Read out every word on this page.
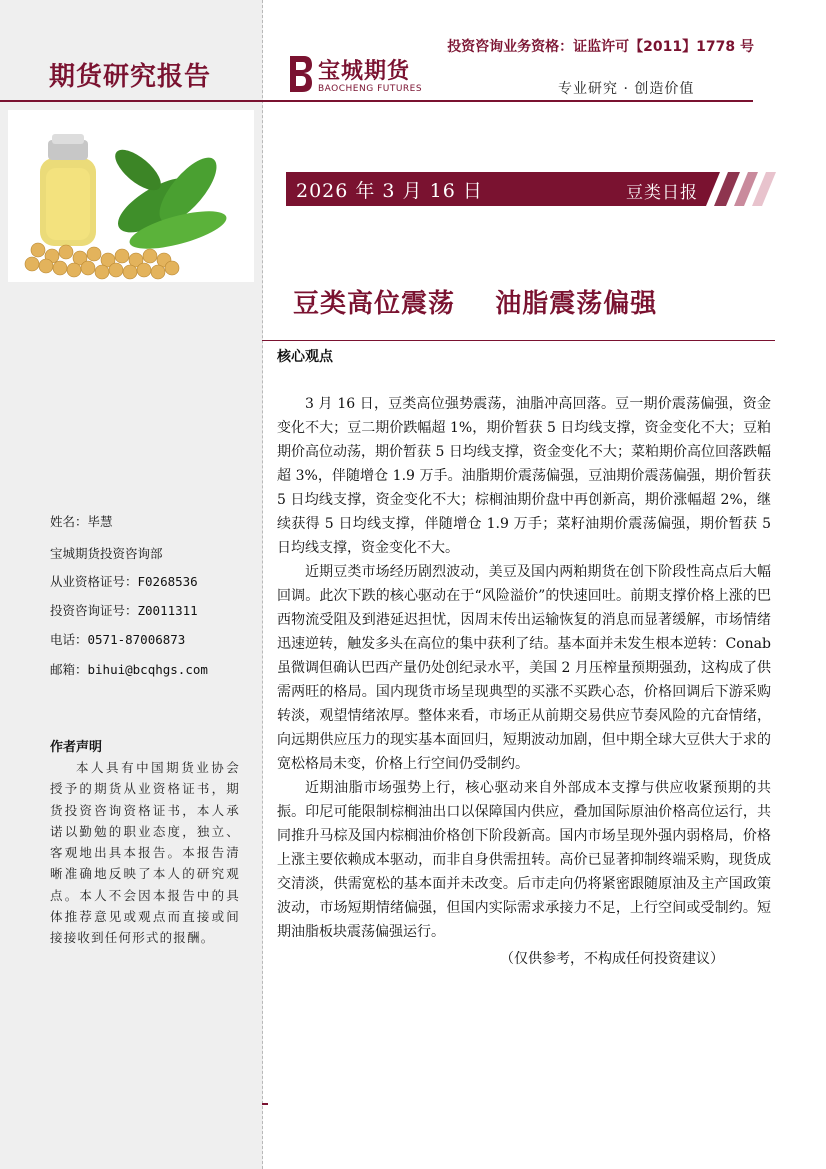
期货研究报告
投资咨询业务资格：证监许可【2011】1778 号
宝城期货
BAOCHENG FUTURES	专业研究 · 创造价值
2026 年 3 月 16 日	豆类日报
豆类高位震荡    油脂震荡偏强
核心观点

3 月 16 日，豆类高位强势震荡，油脂冲高回落。豆一期价震荡偏强，资金变化不大；豆二期价跌幅超 1%，期价暂获 5 日均线支撑，资金变化不大；豆粕期价高位动荡，期价暂获 5 日均线支撑，资金变化不大；菜粕期价高位回落跌幅超 3%，伴随增仓 1.9 万手。油脂期价震荡偏强，豆油期价震荡偏强，期价暂获 5 日均线支撑，资金变化不大；棕榈油期价盘中再创新高，期价涨幅超 2%，继续获得 5 日均线支撑，伴随增仓 1.9 万手；菜籽油期价震荡偏强，期价暂获 5 日均线支撑，资金变化不大。

近期豆类市场经历剧烈波动，美豆及国内两粕期货在创下阶段性高点后大幅回调。此次下跌的核心驱动在于“风险溢价”的快速回吐。前期支撑价格上涨的巴西物流受阻及到港延迟担忧，因周末传出运输恢复的消息而显著缓解，市场情绪迅速逆转，触发多头在高位的集中获利了结。基本面并未发生根本逆转：Conab 虽微调但确认巴西产量仍处创纪录水平，美国 2 月压榨量预期强劲，这构成了供需两旺的格局。国内现货市场呈现典型的买涨不买跌心态，价格回调后下游采购转淡，观望情绪浓厚。整体来看，市场正从前期交易供应节奏风险的亢奋情绪，向远期供应压力的现实基本面回归，短期波动加剧，但中期全球大豆供大于求的宽松格局未变，价格上行空间仍受制约。

近期油脂市场强势上行，核心驱动来自外部成本支撑与供应收紧预期的共振。印尼可能限制棕榈油出口以保障国内供应，叠加国际原油价格高位运行，共同推升马棕及国内棕榈油价格创下阶段新高。国内市场呈现外强内弱格局，价格上涨主要依赖成本驱动，而非自身供需扭转。高价已显著抑制终端采购，现货成交清淡，供需宽松的基本面并未改变。后市走向仍将紧密跟随原油及主产国政策波动，市场短期情绪偏强，但国内实际需求承接力不足，上行空间或受制约。短期油脂板块震荡偏强运行。

（仅供参考，不构成任何投资建议）
姓名：毕慧
宝城期货投资咨询部
从业资格证号：F0268536
投资咨询证号：Z0011311
电话：0571-87006873
邮箱：bihui@bcqhgs.com
作者声明
本人具有中国期货业协会授予的期货从业资格证书，期货投资咨询资格证书，本人承诺以勤勉的职业态度，独立、客观地出具本报告。本报告清晰准确地反映了本人的研究观点。本人不会因本报告中的具体推荐意见或观点而直接或间接接收到任何形式的报酬。
